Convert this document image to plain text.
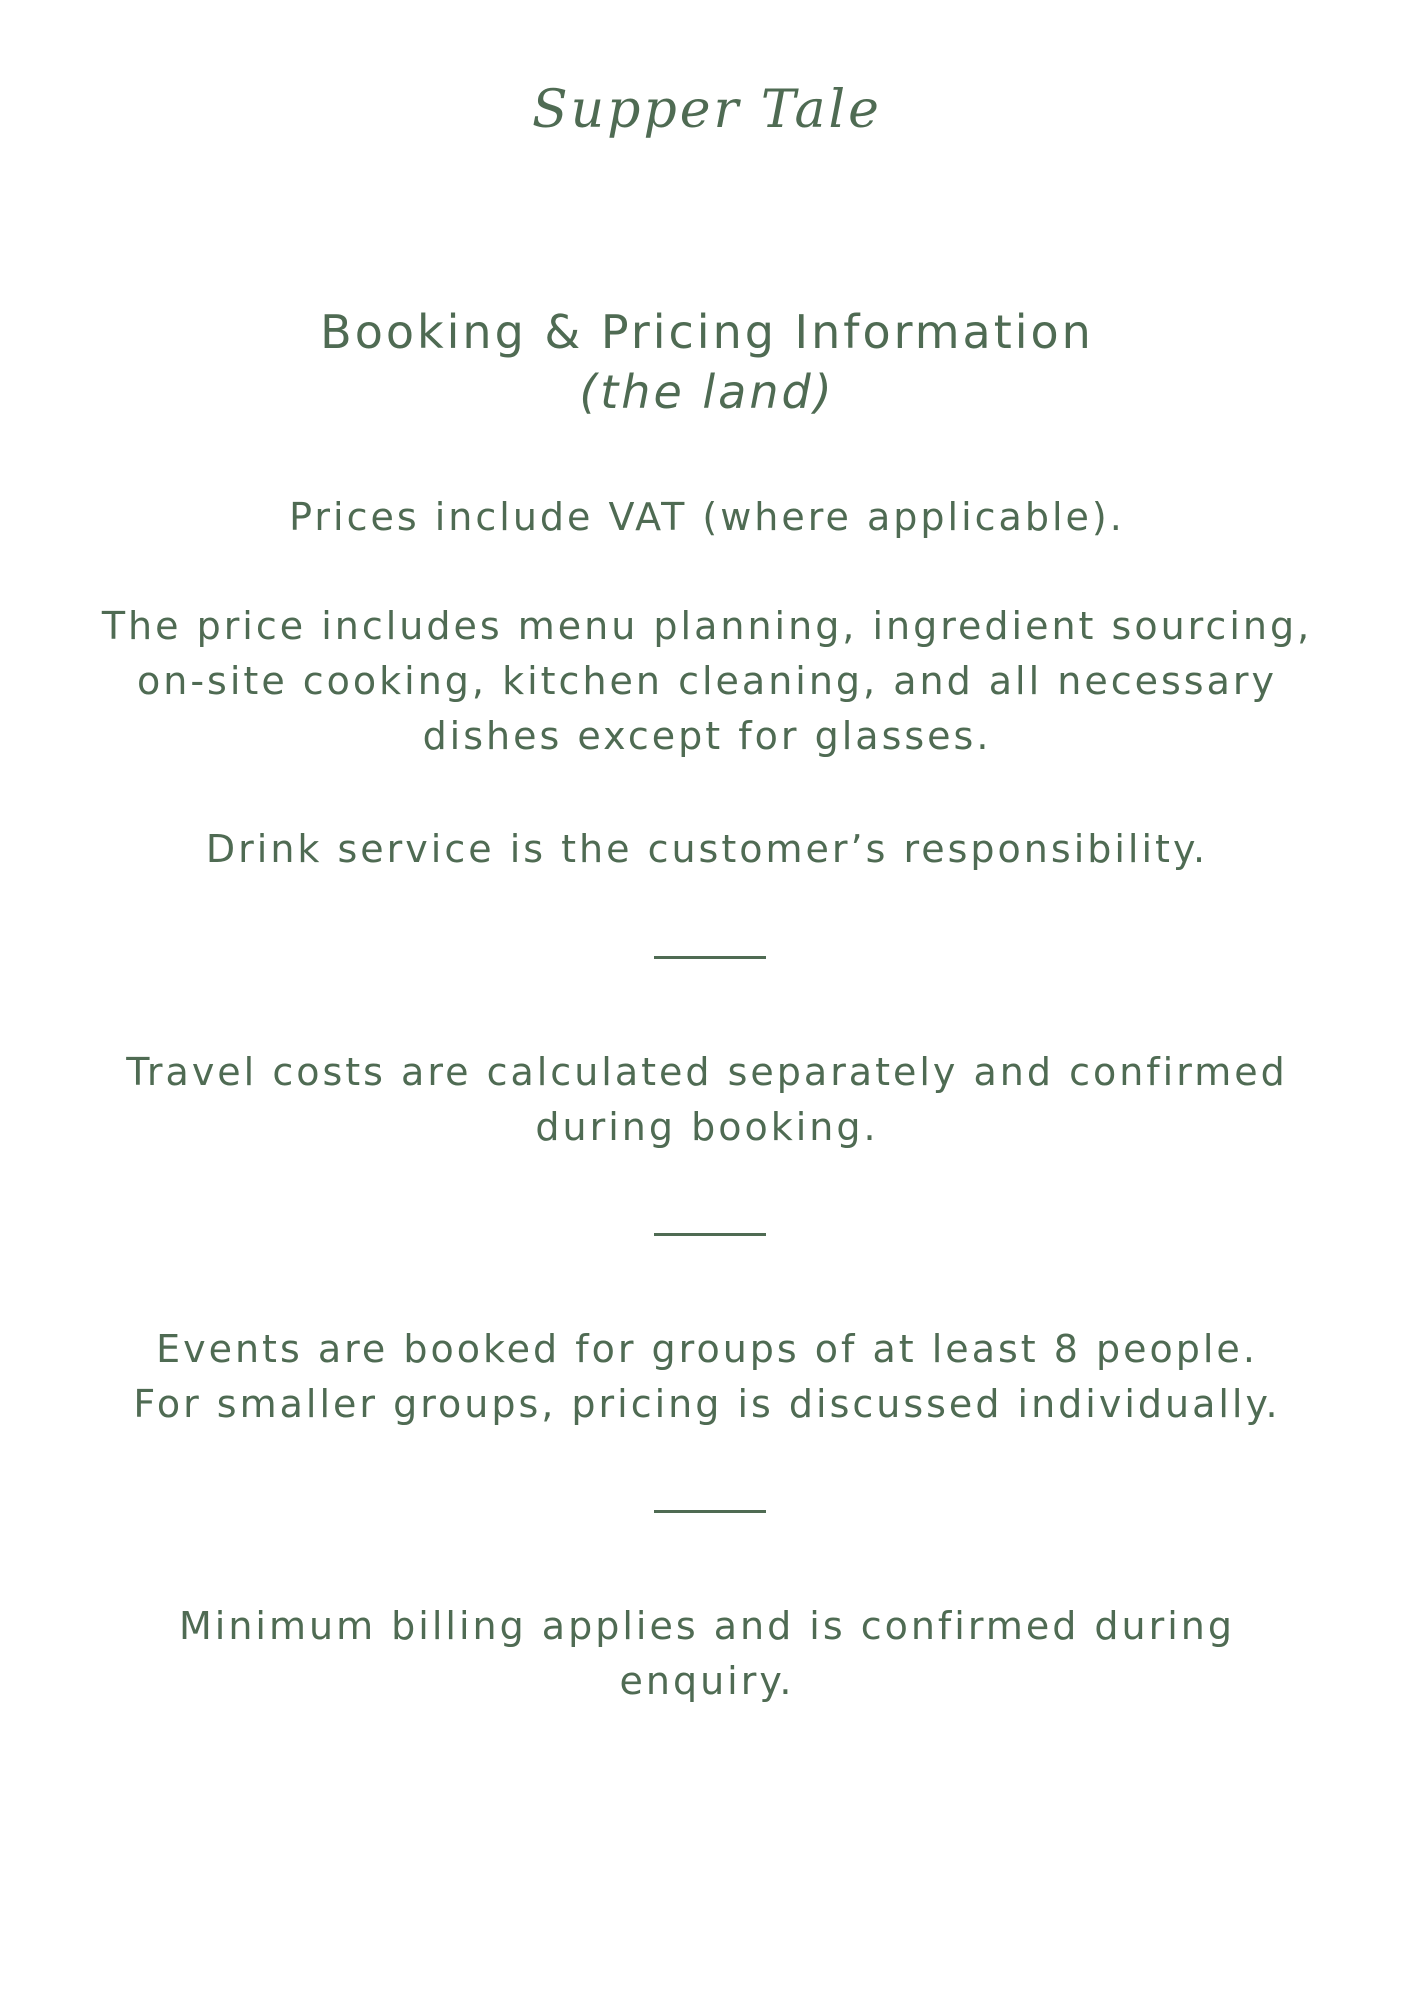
Supper Tale
Booking & Pricing Information
(the land)

Prices include VAT (where applicable).

The price includes menu planning, ingredient sourcing,
on-site cooking, kitchen cleaning, and all necessary
dishes except for glasses.

Drink service is the customer’s responsibility.

Travel costs are calculated separately and confirmed
during booking.

Events are booked for groups of at least 8 people.
For smaller groups, pricing is discussed individually.

Minimum billing applies and is confirmed during
enquiry.
